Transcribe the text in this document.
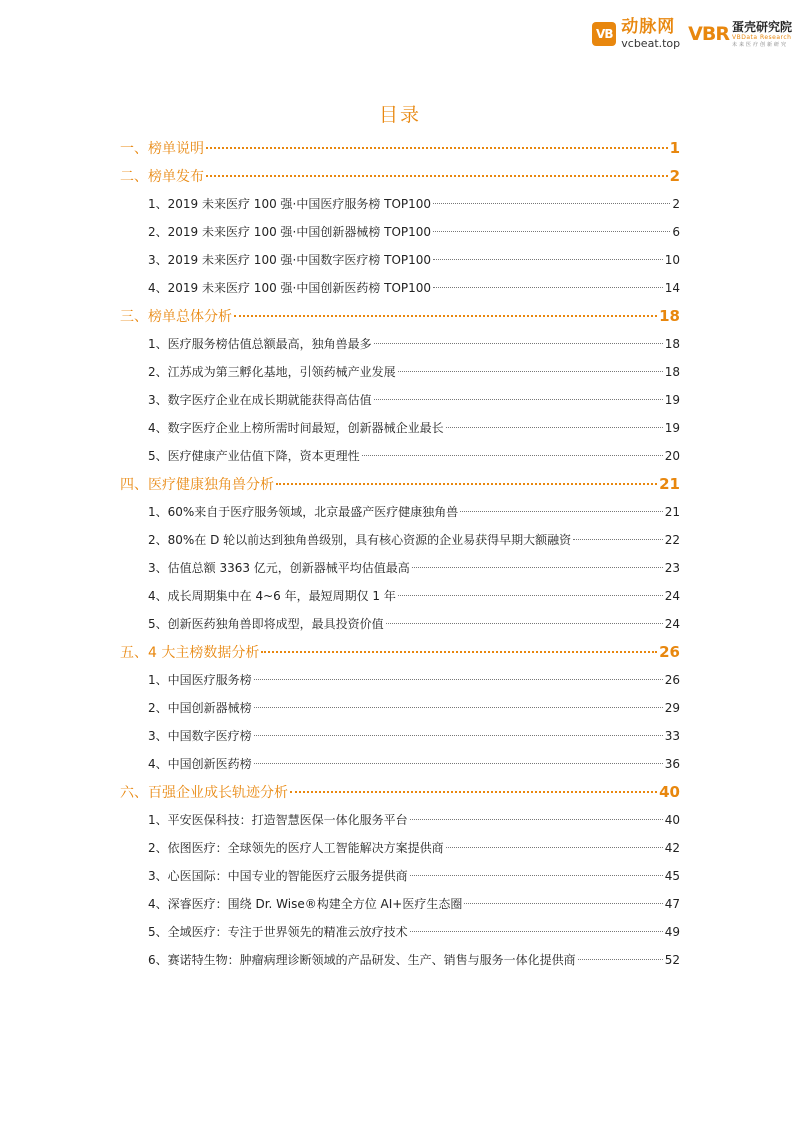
VB 动脉网
vcbeat.top VBR 蛋壳研究院
VBData Research
未来医疗创新研究
目录
一、榜单说明	1
二、榜单发布	2
1、2019 未来医疗 100 强·中国医疗服务榜 TOP100	2
2、2019 未来医疗 100 强·中国创新器械榜 TOP100	6
3、2019 未来医疗 100 强·中国数字医疗榜 TOP100	10
4、2019 未来医疗 100 强·中国创新医药榜 TOP100	14
三、榜单总体分析	18
1、医疗服务榜估值总额最高，独角兽最多	18
2、江苏成为第三孵化基地，引领药械产业发展	18
3、数字医疗企业在成长期就能获得高估值	19
4、数字医疗企业上榜所需时间最短，创新器械企业最长	19
5、医疗健康产业估值下降，资本更理性	20
四、医疗健康独角兽分析	21
1、60%来自于医疗服务领域，北京最盛产医疗健康独角兽	21
2、80%在 D 轮以前达到独角兽级别，具有核心资源的企业易获得早期大额融资	22
3、估值总额 3363 亿元，创新器械平均估值最高	23
4、成长周期集中在 4~6 年，最短周期仅 1 年	24
5、创新医药独角兽即将成型，最具投资价值	24
五、4 大主榜数据分析	26
1、中国医疗服务榜	26
2、中国创新器械榜	29
3、中国数字医疗榜	33
4、中国创新医药榜	36
六、百强企业成长轨迹分析	40
1、平安医保科技：打造智慧医保一体化服务平台	40
2、依图医疗：全球领先的医疗人工智能解决方案提供商	42
3、心医国际：中国专业的智能医疗云服务提供商	45
4、深睿医疗：围绕 Dr. Wise®构建全方位 AI+医疗生态圈	47
5、全域医疗：专注于世界领先的精准云放疗技术	49
6、赛诺特生物：肿瘤病理诊断领域的产品研发、生产、销售与服务一体化提供商	52
